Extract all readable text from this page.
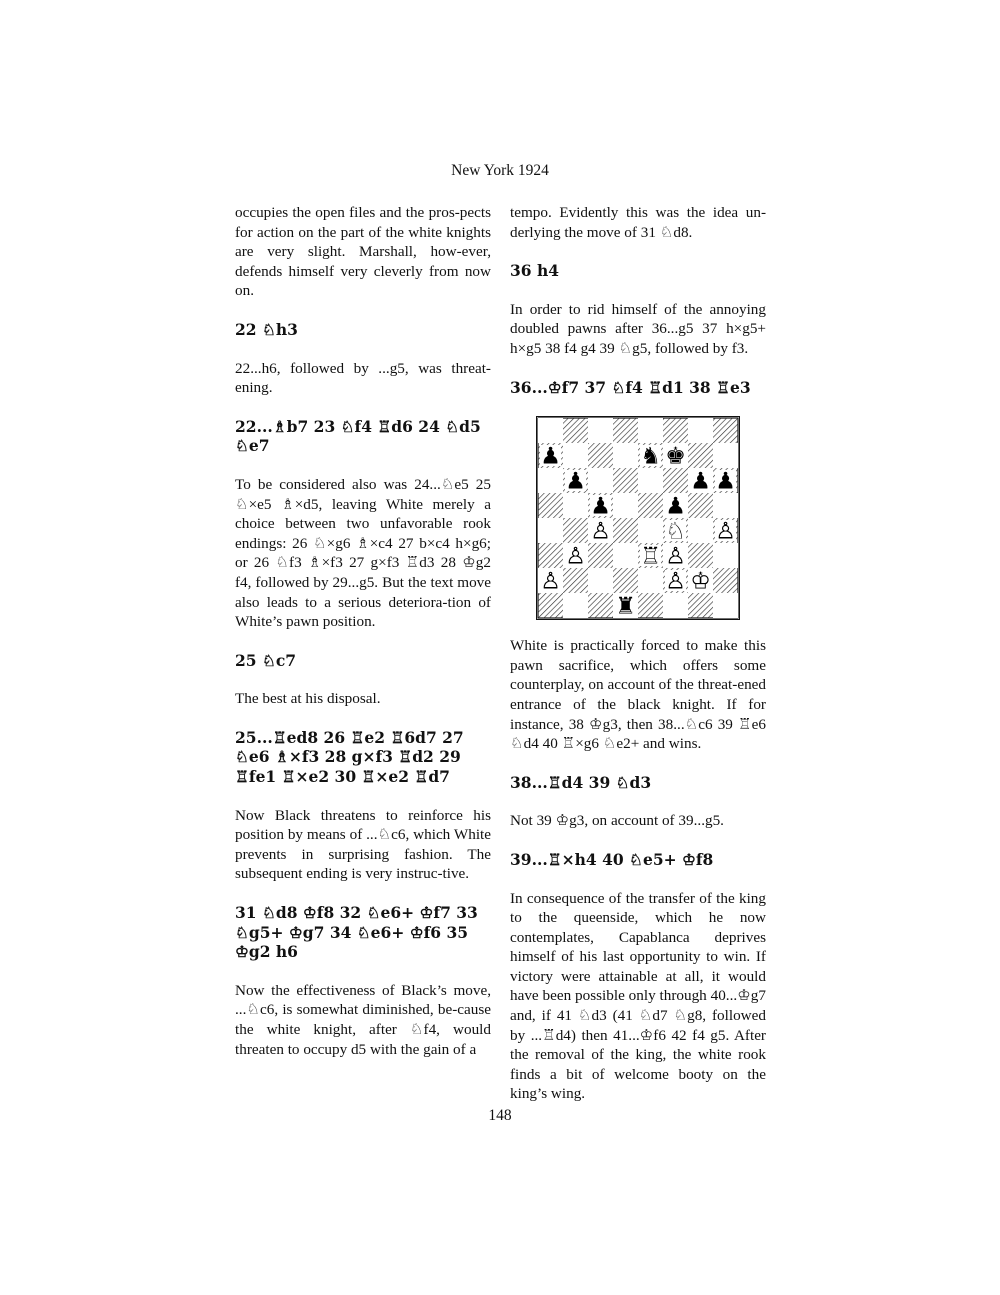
New York 1924

occupies the open files and the pros-pects for action on the part of the white knights are very slight. Marshall, how-ever, defends himself very cleverly from now on.

22 ♘h3

22...h6, followed by ...g5, was threat-ening.

22...♗b7 23 ♘f4 ♖d6 24 ♘d5 ♘e7

To be considered also was 24...♘e5 25 ♘×e5 ♗×d5, leaving White merely a choice between two unfavorable rook endings: 26 ♘×g6 ♗×c4 27 b×c4 h×g6; or 26 ♘f3 ♗×f3 27 g×f3 ♖d3 28 ♔g2 f4, followed by 29...g5. But the text move also leads to a serious deteriora-tion of White’s pawn position.

25 ♘c7

The best at his disposal.

25...♖ed8 26 ♖e2 ♖6d7 27 ♘e6 ♗×f3 28 g×f3 ♖d2 29 ♖fe1 ♖×e2 30 ♖×e2 ♖d7

Now Black threatens to reinforce his position by means of ...♘c6, which White prevents in surprising fashion. The subsequent ending is very instruc-tive.

31 ♘d8 ♔f8 32 ♘e6+ ♔f7 33 ♘g5+ ♔g7 34 ♘e6+ ♔f6 35 ♔g2 h6

Now the effectiveness of Black’s move, ...♘c6, is somewhat diminished, be-cause the white knight, after ♘f4, would threaten to occupy d5 with the gain of a

tempo. Evidently this was the idea un-derlying the move of 31 ♘d8.

36 h4

In order to rid himself of the annoying doubled pawns after 36...g5 37 h×g5+ h×g5 38 f4 g4 39 ♘g5, followed by f3.

36...♔f7 37 ♘f4 ♖d1 38 ♖e3

♟	♞ ♚
♟	♟ ♟
♟ ♟
♙ ♘ ♙
♙ ♖ ♙
♙	♙ ♔
♜

White is practically forced to make this pawn sacrifice, which offers some counterplay, on account of the threat-ened entrance of the black knight. If for instance, 38 ♔g3, then 38...♘c6 39 ♖e6 ♘d4 40 ♖×g6 ♘e2+ and wins.

38...♖d4 39 ♘d3

Not 39 ♔g3, on account of 39...g5.

39...♖×h4 40 ♘e5+ ♔f8

In consequence of the transfer of the king to the queenside, which he now contemplates, Capablanca deprives himself of his last opportunity to win. If victory were attainable at all, it would have been possible only through 40...♔g7 and, if 41 ♘d3 (41 ♘d7 ♘g8, followed by ...♖d4) then 41...♔f6 42 f4 g5. After the removal of the king, the white rook finds a bit of welcome booty on the king’s wing.

148
